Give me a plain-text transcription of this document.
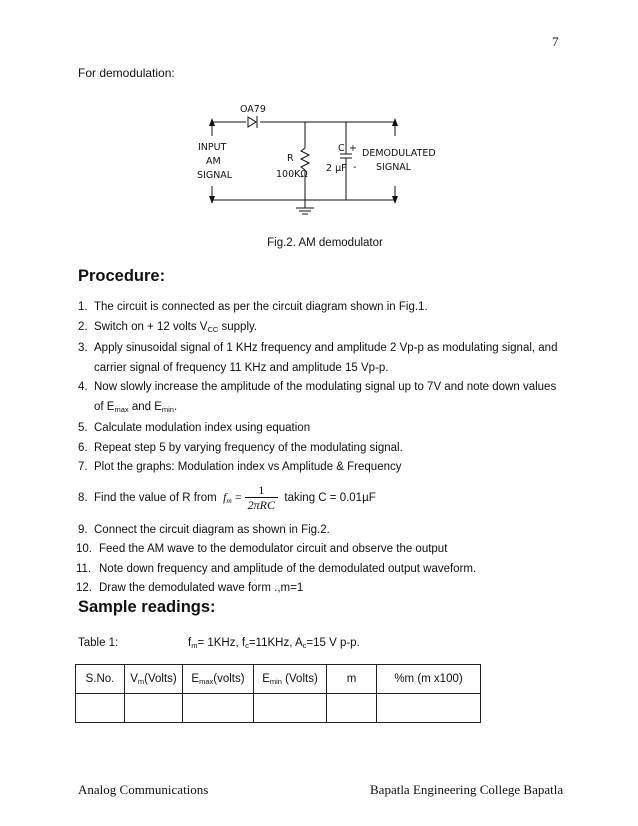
7
For demodulation:
OA79
INPUT
AM
SIGNAL
R
100KΩ
C +
-
2 µF
DEMODULATED
SIGNAL
Fig.2. AM demodulator
Procedure:
1. The circuit is connected as per the circuit diagram shown in Fig.1.
2. Switch on + 12 volts $V_{CC}$ supply.
3. Apply sinusoidal signal of 1 KHz frequency and amplitude 2 Vp-p as modulating signal, and
carrier signal of frequency 11 KHz and amplitude 15 Vp-p.
4. Now slowly increase the amplitude of the modulating signal up to 7V and note down values
of $E_{max}$ and $E_{min}$.
5. Calculate modulation index using equation
6. Repeat step 5 by varying frequency of the modulating signal.
7. Plot the graphs: Modulation index vs Amplitude & Frequency
8. Find the value of R from $f_m = \frac{1}{\text{2πRC}}$ taking C = 0.01µF
9. Connect the circuit diagram as shown in Fig.2.
10. Feed the AM wave to the demodulator circuit and observe the output
11. Note down frequency and amplitude of the demodulated output waveform.
12. Draw the demodulated wave form .,m=1
Sample readings:
Table 1:	$f_m= 1KHz$, $f_c=11KHz$, $A_c=15$ V p-p.
S.No.	$V_m(Volts)$	$E_{max}(volts)$	$E_{min}$ (Volts)	m	%m (m x100)

Analog Communications	Bapatla Engineering College Bapatla
